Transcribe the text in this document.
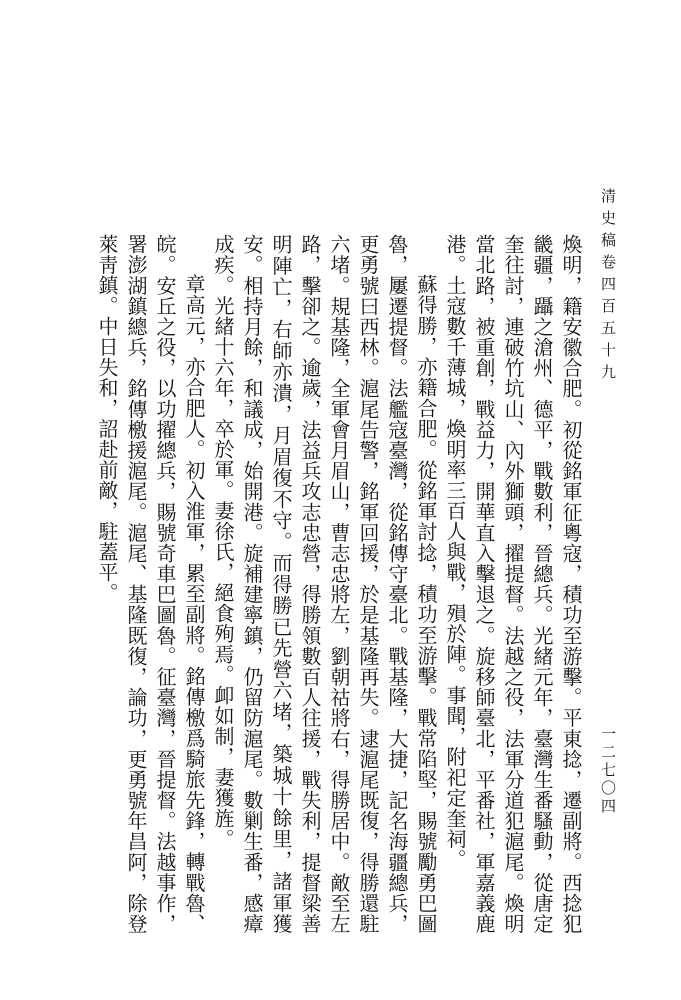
清史稿卷四百五十九
一二七〇四

煥明，籍安徽合肥。初從銘軍征粵寇，積功至游擊。平東捻，遷副將。西捻犯畿疆，躡之滄州、德平，戰數利，晉總兵。光緒元年，臺灣生番騷動，從唐定奎往討，連破竹坑山、內外獅頭，擢提督。法越之役，法軍分道犯滬尾。煥明當北路，被重創，戰益力，開華直入擊退之。旋移師臺北，平番社，軍嘉義鹿港。土寇數千薄城，煥明率三百人與戰，殞於陣。事聞，附祀定奎祠。

蘇得勝，亦籍合肥。從銘軍討捻，積功至游擊。戰常陷堅，賜號勵勇巴圖魯，屢遷提督。法艦寇臺灣，從銘傳守臺北。戰基隆，大捷，記名海疆總兵，更勇號曰西林。滬尾告警，銘軍回援，於是基隆再失。逮滬尾既復，得勝還駐六堵。規基隆，全軍會月眉山，曹志忠將左，劉朝祜將右，得勝居中。敵至左路，擊卻之。逾歲，法益兵攻志忠營，得勝領數百人往援，戰失利，提督梁善明陣亡，右師亦潰，月眉復不守。而得勝已先營六堵，築城十餘里，諸軍獲安。相持月餘，和議成，始開港。旋補建寧鎮，仍留防滬尾。數剿生番，感瘴成疾。光緒十六年，卒於軍。妻徐氏，絕食殉焉。卹如制，妻獲旌。

章高元，亦合肥人。初入淮軍，累至副將。銘傳檄爲騎旅先鋒，轉戰魯、皖。安丘之役，以功擢總兵，賜號奇車巴圖魯。征臺灣，晉提督。法越事作，署澎湖鎮總兵，銘傳檄援滬尾。滬尾、基隆既復，論功，更勇號年昌阿，除登萊靑鎮。中日失和，詔赴前敵，駐蓋平。
